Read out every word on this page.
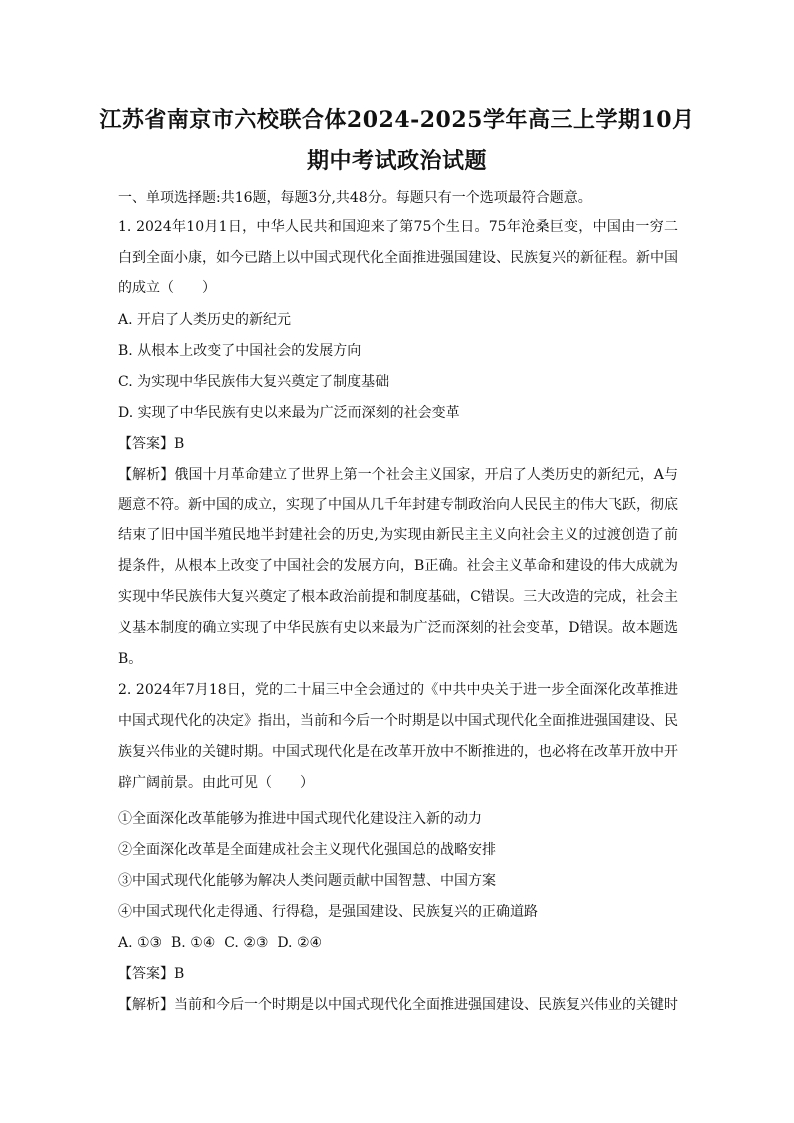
江苏省南京市六校联合体2024-2025学年高三上学期10月
期中考试政治试题

一、单项选择题:共16题，每题3分,共48分。每题只有一个选项最符合题意。

1. 2024年10月1日，中华人民共和国迎来了第75个生日。75年沧桑巨变，中国由一穷二

白到全面小康，如今已踏上以中国式现代化全面推进强国建设、民族复兴的新征程。新中国

的成立（　　）

A. 开启了人类历史的新纪元

B. 从根本上改变了中国社会的发展方向

C. 为实现中华民族伟大复兴奠定了制度基础

D. 实现了中华民族有史以来最为广泛而深刻的社会变革

【答案】B

【解析】俄国十月革命建立了世界上第一个社会主义国家，开启了人类历史的新纪元，A与

题意不符。新中国的成立，实现了中国从几千年封建专制政治向人民民主的伟大飞跃，彻底

结束了旧中国半殖民地半封建社会的历史,为实现由新民主主义向社会主义的过渡创造了前

提条件，从根本上改变了中国社会的发展方向，B正确。社会主义革命和建设的伟大成就为

实现中华民族伟大复兴奠定了根本政治前提和制度基础，C错误。三大改造的完成，社会主

义基本制度的确立实现了中华民族有史以来最为广泛而深刻的社会变革，D错误。故本题选

B。

2. 2024年7月18日，党的二十届三中全会通过的《中共中央关于进一步全面深化改革推进

中国式现代化的决定》指出，当前和今后一个时期是以中国式现代化全面推进强国建设、民

族复兴伟业的关键时期。中国式现代化是在改革开放中不断推进的，也必将在改革开放中开

辟广阔前景。由此可见（　　）

①全面深化改革能够为推进中国式现代化建设注入新的动力

②全面深化改革是全面建成社会主义现代化强国总的战略安排

③中国式现代化能够为解决人类问题贡献中国智慧、中国方案

④中国式现代化走得通、行得稳，是强国建设、民族复兴的正确道路

A. ①③  B. ①④  C. ②③  D. ②④

【答案】B

【解析】当前和今后一个时期是以中国式现代化全面推进强国建设、民族复兴伟业的关键时
